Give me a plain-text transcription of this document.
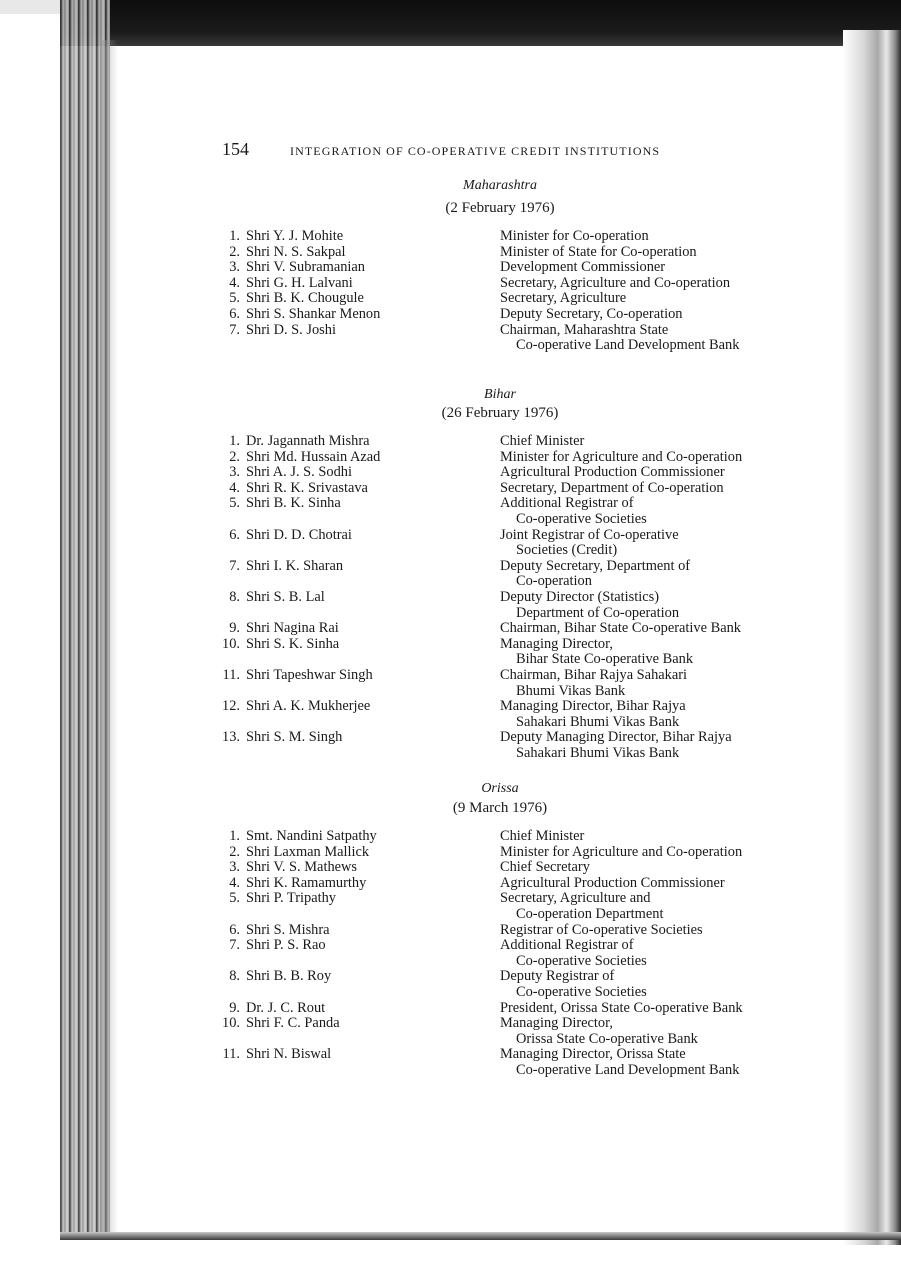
154	INTEGRATION OF CO-OPERATIVE CREDIT INSTITUTIONS
Maharashtra
(2 February 1976)
1. Shri Y. J. Mohite	Minister for Co-operation
2. Shri N. S. Sakpal	Minister of State for Co-operation
3. Shri V. Subramanian	Development Commissioner
4. Shri G. H. Lalvani	Secretary, Agriculture and Co-operation
5. Shri B. K. Chougule	Secretary, Agriculture
6. Shri S. Shankar Menon	Deputy Secretary, Co-operation
7. Shri D. S. Joshi	Chairman, Maharashtra State
Co-operative Land Development Bank
Bihar
(26 February 1976)
1. Dr. Jagannath Mishra	Chief Minister
2. Shri Md. Hussain Azad	Minister for Agriculture and Co-operation
3. Shri A. J. S. Sodhi	Agricultural Production Commissioner
4. Shri R. K. Srivastava	Secretary, Department of Co-operation
5. Shri B. K. Sinha	Additional Registrar of
Co-operative Societies
6. Shri D. D. Chotrai	Joint Registrar of Co-operative
Societies (Credit)
7. Shri I. K. Sharan	Deputy Secretary, Department of
Co-operation
8. Shri S. B. Lal	Deputy Director (Statistics)
Department of Co-operation
9. Shri Nagina Rai	Chairman, Bihar State Co-operative Bank
10. Shri S. K. Sinha	Managing Director,
Bihar State Co-operative Bank
11. Shri Tapeshwar Singh	Chairman, Bihar Rajya Sahakari
Bhumi Vikas Bank
12. Shri A. K. Mukherjee	Managing Director, Bihar Rajya
Sahakari Bhumi Vikas Bank
13. Shri S. M. Singh	Deputy Managing Director, Bihar Rajya
Sahakari Bhumi Vikas Bank
Orissa
(9 March 1976)
1. Smt. Nandini Satpathy	Chief Minister
2. Shri Laxman Mallick	Minister for Agriculture and Co-operation
3. Shri V. S. Mathews	Chief Secretary
4. Shri K. Ramamurthy	Agricultural Production Commissioner
5. Shri P. Tripathy	Secretary, Agriculture and
Co-operation Department
6. Shri S. Mishra	Registrar of Co-operative Societies
7. Shri P. S. Rao	Additional Registrar of
Co-operative Societies
8. Shri B. B. Roy	Deputy Registrar of
Co-operative Societies
9. Dr. J. C. Rout	President, Orissa State Co-operative Bank
10. Shri F. C. Panda	Managing Director,
Orissa State Co-operative Bank
11. Shri N. Biswal	Managing Director, Orissa State
Co-operative Land Development Bank
